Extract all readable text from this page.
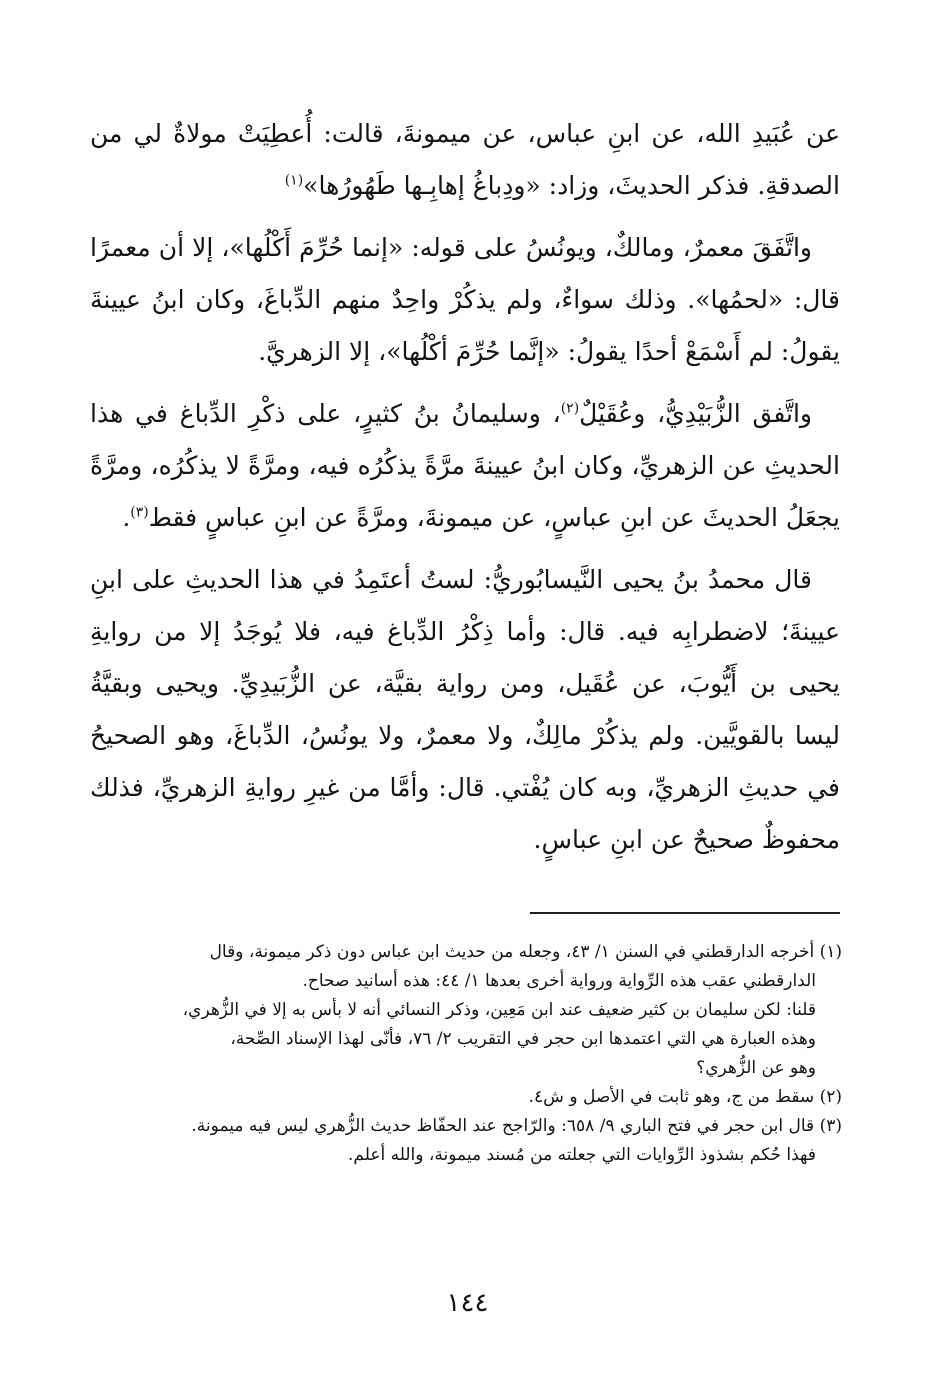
عن عُبَيدِ الله، عن ابنِ عباس، عن ميمونةَ، قالت: أُعطِيَتْ مولاةٌ لي من الصدقةِ. فذكر الحديثَ، وزاد: «ودِباغُ إهابِـها طَهُورُها»$^{(١)}$

واتَّفَقَ معمرٌ، ومالكٌ، ويونُسُ على قوله: «إنما حُرِّمَ أَكْلُها»، إلا أن معمرًا قال: «لحمُها». وذلك سواءٌ، ولم يذكُرْ واحِدٌ منهم الدِّباغَ، وكان ابنُ عيينةَ يقولُ: لم أَسْمَعْ أحدًا يقولُ: «إنَّما حُرِّمَ أكْلُها»، إلا الزهريَّ.

واتَّفق الزُّبَيْدِيُّ، وعُقَيْلٌ$^{(٢)}$، وسليمانُ بنُ كثيرٍ، على ذكْرِ الدِّباغ في هذا الحديثِ عن الزهريِّ، وكان ابنُ عيينةَ مرَّةً يذكُرُه فيه، ومرَّةً لا يذكُرُه، ومرَّةً يجعَلُ الحديثَ عن ابنِ عباسٍ، عن ميمونةَ، ومرَّةً عن ابنِ عباسٍ فقط$^{(٣)}$.

قال محمدُ بنُ يحيى النَّيسابُوريُّ: لستُ أعتَمِدُ في هذا الحديثِ على ابنِ عيينةَ؛ لاضطرابِه فيه. قال: وأما ذِكْرُ الدِّباغ فيه، فلا يُوجَدُ إلا من روايةِ يحيى بن أَيُّوبَ، عن عُقَيل، ومن رواية بقيَّة، عن الزُّبَيدِيِّ. ويحيى وبقيَّةُ ليسا بالقويَّين. ولم يذكُرْ مالِكٌ، ولا معمرٌ، ولا يونُسُ، الدِّباغَ، وهو الصحيحُ في حديثِ الزهريِّ، وبه كان يُفْتي. قال: وأمَّا من غيرِ روايةِ الزهريِّ، فذلك محفوظٌ صحيحٌ عن ابنِ عباسٍ.

(١) أخرجه الدارقطني في السنن ١/ ٤٣، وجعله من حديث ابن عباس دون ذكر ميمونة، وقال

الدارقطني عقب هذه الرِّواية ورواية أخرى بعدها ١/ ٤٤: هذه أسانيد صحاح.

قلنا: لكن سليمان بن كثير ضعيف عند ابن مَعِين، وذكر النسائي أنه لا بأس به إلا في الزُّهري،

وهذه العبارة هي التي اعتمدها ابن حجر في التقريب ٢/ ٧٦، فأنّى لهذا الإسناد الصِّحة،

وهو عن الزُّهري؟

(٢) سقط من ج، وهو ثابت في الأصل و ش٤.

(٣) قال ابن حجر في فتح الباري ٩/ ٦٥٨: والرّاجح عند الحفّاظ حديث الزُّهري ليس فيه ميمونة.

فهذا حُكم بشذوذ الرِّوايات التي جعلته من مُسند ميمونة، والله أعلم.

١٤٤
